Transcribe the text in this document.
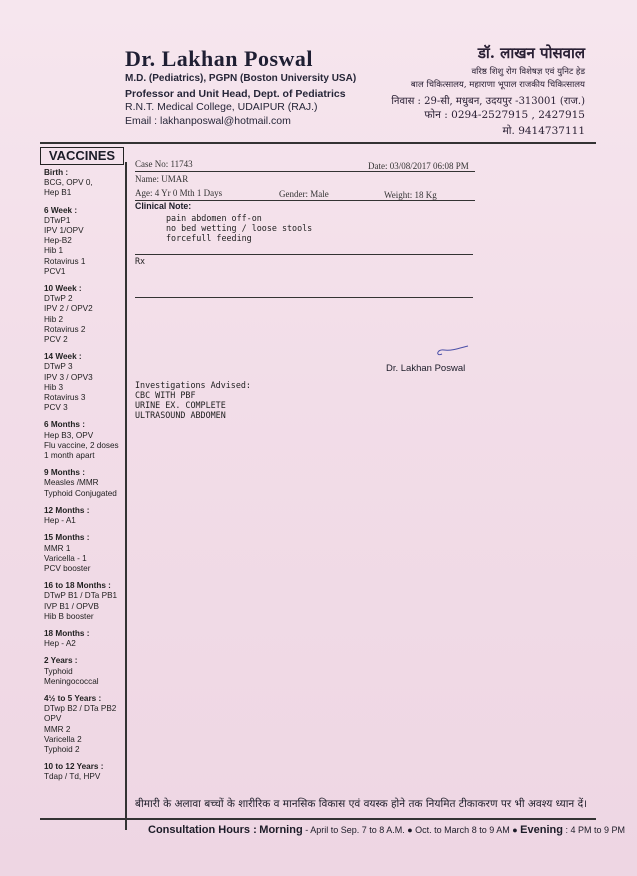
Dr. Lakhan Poswal
M.D. (Pediatrics), PGPN (Boston University USA)
Professor and Unit Head, Dept. of Pediatrics
R.N.T. Medical College, UDAIPUR (RAJ.)
Email : lakhanposwal@hotmail.com
डॉ. लाखन पोसवाल
वरिष्ठ शिशु रोग विशेषज्ञ एवं युनिट हेड
बाल चिकित्सालय, महाराणा भूपाल राजकीय चिकित्सालय
निवास : 29-सी, मधुबन, उदयपुर -313001 (राज.)
फोन : 0294-2527915 , 2427915
मो. 9414737111
VACCINES
Birth :
BCG, OPV 0,
Hep B1
6 Week :
DTwP1
IPV 1/OPV
Hep-B2
Hib 1
Rotavirus 1
PCV1
10 Week :
DTwP 2
IPV 2 / OPV2
Hib 2
Rotavirus 2
PCV 2
14 Week :
DTwP 3
IPV 3 / OPV3
Hib 3
Rotavirus 3
PCV 3
6 Months :
Hep B3, OPV
Flu vaccine, 2 doses
1 month apart
9 Months :
Measles /MMR
Typhoid Conjugated
12 Months :
Hep - A1
15 Months :
MMR 1
Varicella - 1
PCV booster
16 to 18 Months :
DTwP B1 / DTa PB1
IVP B1 / OPVB
Hib B booster
18 Months :
Hep - A2
2 Years :
Typhoid
Meningococcal
4½ to 5 Years :
DTwp B2 / DTa PB2
OPV
MMR 2
Varicella 2
Typhoid 2
10 to 12 Years :
Tdap / Td, HPV
Case No: 11743	Date: 03/08/2017 06:08 PM
Name: UMAR
Age: 4 Yr 0 Mth 1 Days	Gender: Male	Weight: 18 Kg
Clinical Note:
pain abdomen off-on
no bed wetting / loose stools
forcefull feeding
Rx
Dr. Lakhan Poswal
Investigations Advised:
CBC WITH PBF
URINE EX. COMPLETE
ULTRASOUND ABDOMEN
बीमारी के अलावा बच्चों के शारीरिक व मानसिक विकास एवं वयस्क होने तक नियमित टीकाकरण पर भी अवश्य ध्यान दें।
Consultation Hours : Morning - April to Sep. 7 to 8 A.M. ● Oct. to March 8 to 9 AM ● Evening : 4 PM to 9 PM
